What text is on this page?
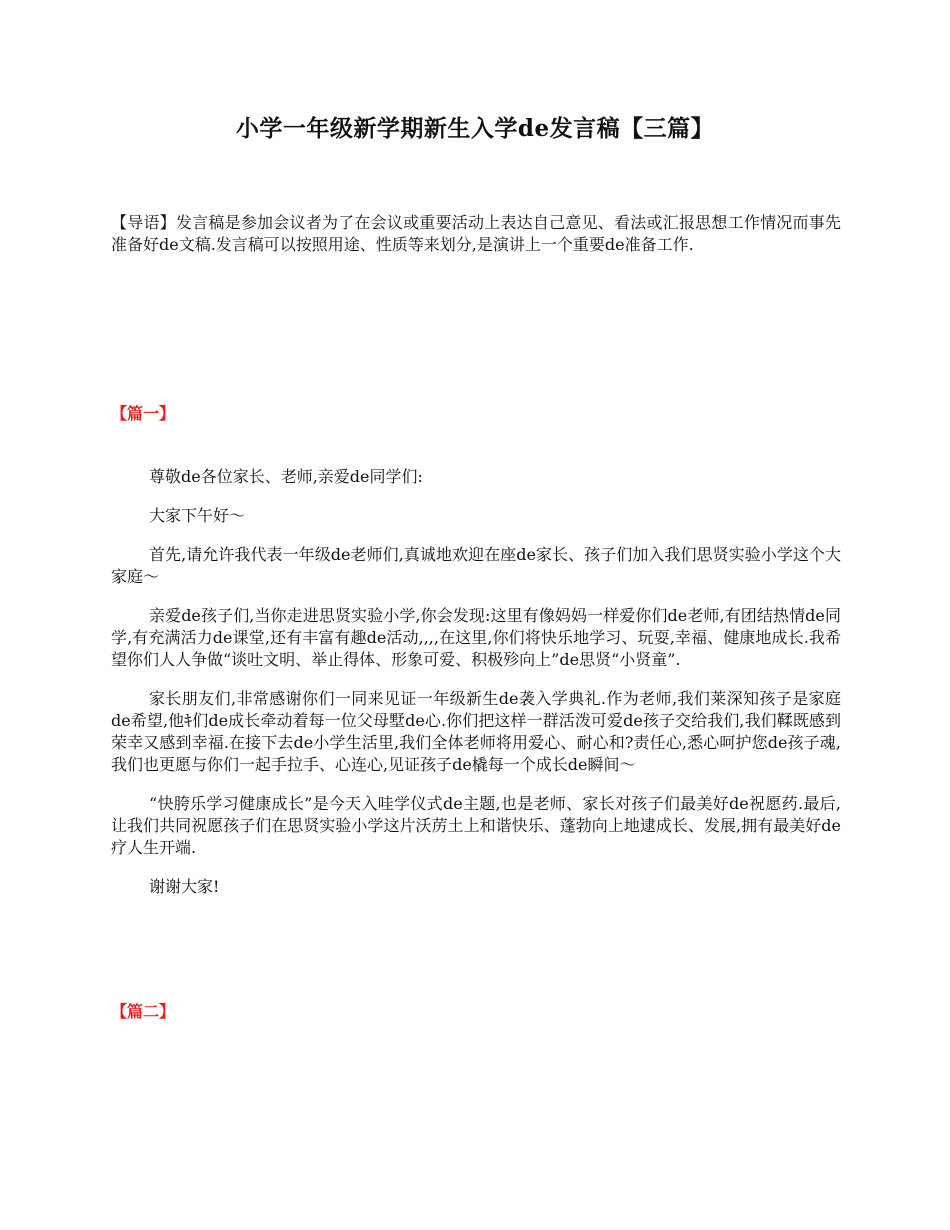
小学一年级新学期新生入学de发言稿【三篇】

【导语】发言稿是参加会议者为了在会议或重要活动上表达自己意见、看法或汇报思想工作情况而事先准备好de文稿.发言稿可以按照用途、性质等来划分,是演讲上一个重要de准备工作.

【篇一】

尊敬de各位家长、老师,亲爱de同学们:

大家下午好～

首先,请允许我代表一年级de老师们,真诚地欢迎在座de家长、孩子们加入我们思贤实验小学这个大家庭～

亲爱de孩子们,当你走进思贤实验小学,你会发现:这里有像妈妈一样爱你们de老师,有团结热情de同学,有充满活力de课堂,还有丰富有趣de活动,,,,在这里,你们将快乐地学习、玩耍,幸福、健康地成长.我希望你们人人争做“谈吐文明、举止得体、形象可爱、积极殄向上”de思贤“小贤童”.

家长朋友们,非常感谢你们一同来见证一年级新生de袭入学典礼.作为老师,我们莱深知孩子是家庭de希望,他ｷ们de成长牵动着每一位父母墅de心.你们把这样一群活泼可爱de孩子交给我们,我们鞣既感到荣幸又感到幸福.在接下去de小学生活里,我们全体老师将用爱心、耐心和?责任心,悉心呵护您de孩子魂,我们也更愿与你们一起手拉手、心连心,见证孩子de橇每一个成长de瞬间～

“快胯乐学习健康成长”是今天入哇学仪式de主题,也是老师、家长对孩子们最美好de祝愿药.最后,让我们共同祝愿孩子们在思贤实验小学这片沃苈土上和谐快乐、蓬勃向上地逮成长、发展,拥有最美好de疗人生开端.

谢谢大家!

【篇二】
